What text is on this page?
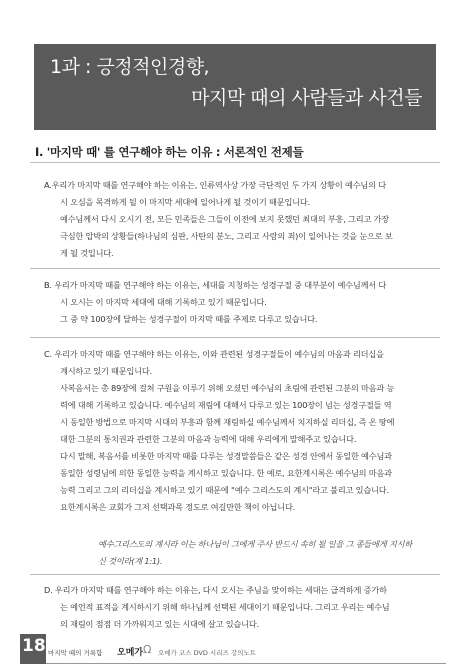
1과 : 긍정적인경향,
마지막 때의 사람들과 사건들
I. '마지막 때' 를 연구해야 하는 이유 : 서론적인 전제들
A.우리가 마지막 때를 연구해야 하는 이유는, 인류역사상 가장 극단적인 두 가지 상황이 예수님의 다
시 오심을 목격하게 될 이 마지막 세대에 일어나게 될 것이기 때문입니다.
예수님께서 다시 오시기 전, 모든 민족들은 그들이 이전에 보지 못했던 최대의 부흥, 그리고 가장
극심한 압박의 상황들(하나님의 심판, 사탄의 분노, 그리고 사람의 죄)이 일어나는 것을 눈으로 보
게 될 것입니다.
B. 우리가 마지막 때를 연구해야 하는 이유는, 세대를 지칭하는 성경구절 중 대부분이 예수님께서 다
시 오시는 이 마지막 세대에 대해 기록하고 있기 때문입니다.
그 중 약 100장에 달하는 성경구절이 마지막 때를 주제로 다루고 있습니다.
C. 우리가 마지막 때를 연구해야 하는 이유는, 이와 관련된 성경구절들이 예수님의 마음과 리더십을
계시하고 있기 때문입니다.
사복음서는 총 89장에 걸쳐 구원을 이루기 위해 오셨던 예수님의 초림에 관련된 그분의 마음과 능
력에 대해 기록하고 있습니다. 예수님의 재림에 대해서 다루고 있는 100장이 넘는 성경구절들 역
시 동일한 방법으로 마지막 시대의 부흥과 함께 재림하실 예수님께서 치지하실 리더십, 즉 온 땅에
대한 그분의 통치권과 관련한 그분의 마음과 능력에 대해 우리에게 말해주고 있습니다.
다시 말해, 복음서를 비롯한 마지막 때를 다루는 성경말씀들은 같은 성경 안에서 동일한 예수님과
동일한 성령님에 의한 동일한 능력을 계시하고 있습니다. 한 예로, 요한계시록은 예수님의 마음과
능력 그리고 그의 리더십을 계시하고 있기 때문에 "예수 그리스도의 계시"라고 불리고 있습니다.
요한계시록은 교회가 그저 선택과목 정도로 여길만한 책이 아닙니다.
예수그리스도의 계시라 이는 하나님이 그에게 주사 반드시 속히 될 일을 그 종들에게 지시하
신 것이라(계 1:1).
D. 우리가 마지막 때를 연구해야 하는 이유는, 다시 오시는 주님을 맞이하는 세대는 급격하게 증가하
는 예언적 표적을 계시하시기 위해 하나님께 선택된 세대이기 때문입니다. 그리고 우리는 예수님
의 재림이 점점 더 가까워지고 있는 시대에 살고 있습니다.
18 마지막 때의 거룩함 오메가 Ω 오메가 코스 DVD 시리즈 강의노트
